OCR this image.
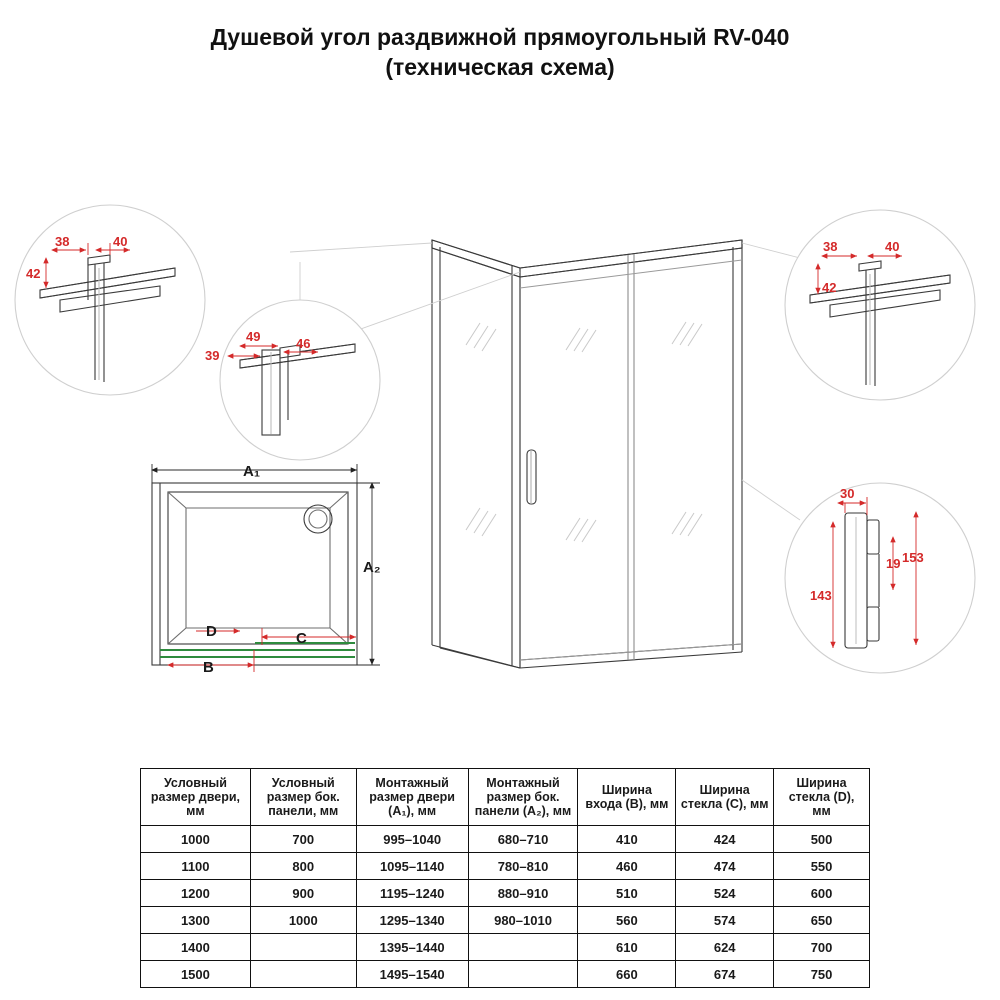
Душевой угол раздвижной прямоугольный RV-040
(техническая схема)
38	40
42
49	46
39
38	40
42
30
153
143
19
A₁
A₂
D	C
B
Условный размер двери, мм	Условный размер бок. панели, мм	Монтажный размер двери (A₁), мм	Монтажный размер бок. панели (A₂), мм	Ширина входа (B), мм	Ширина стекла (C), мм	Ширина стекла (D), мм
1000	700	995–1040	680–710	410	424	500
1100	800	1095–1140	780–810	460	474	550
1200	900	1195–1240	880–910	510	524	600
1300	1000	1295–1340	980–1010	560	574	650
1400		1395–1440		610	624	700
1500		1495–1540		660	674	750
